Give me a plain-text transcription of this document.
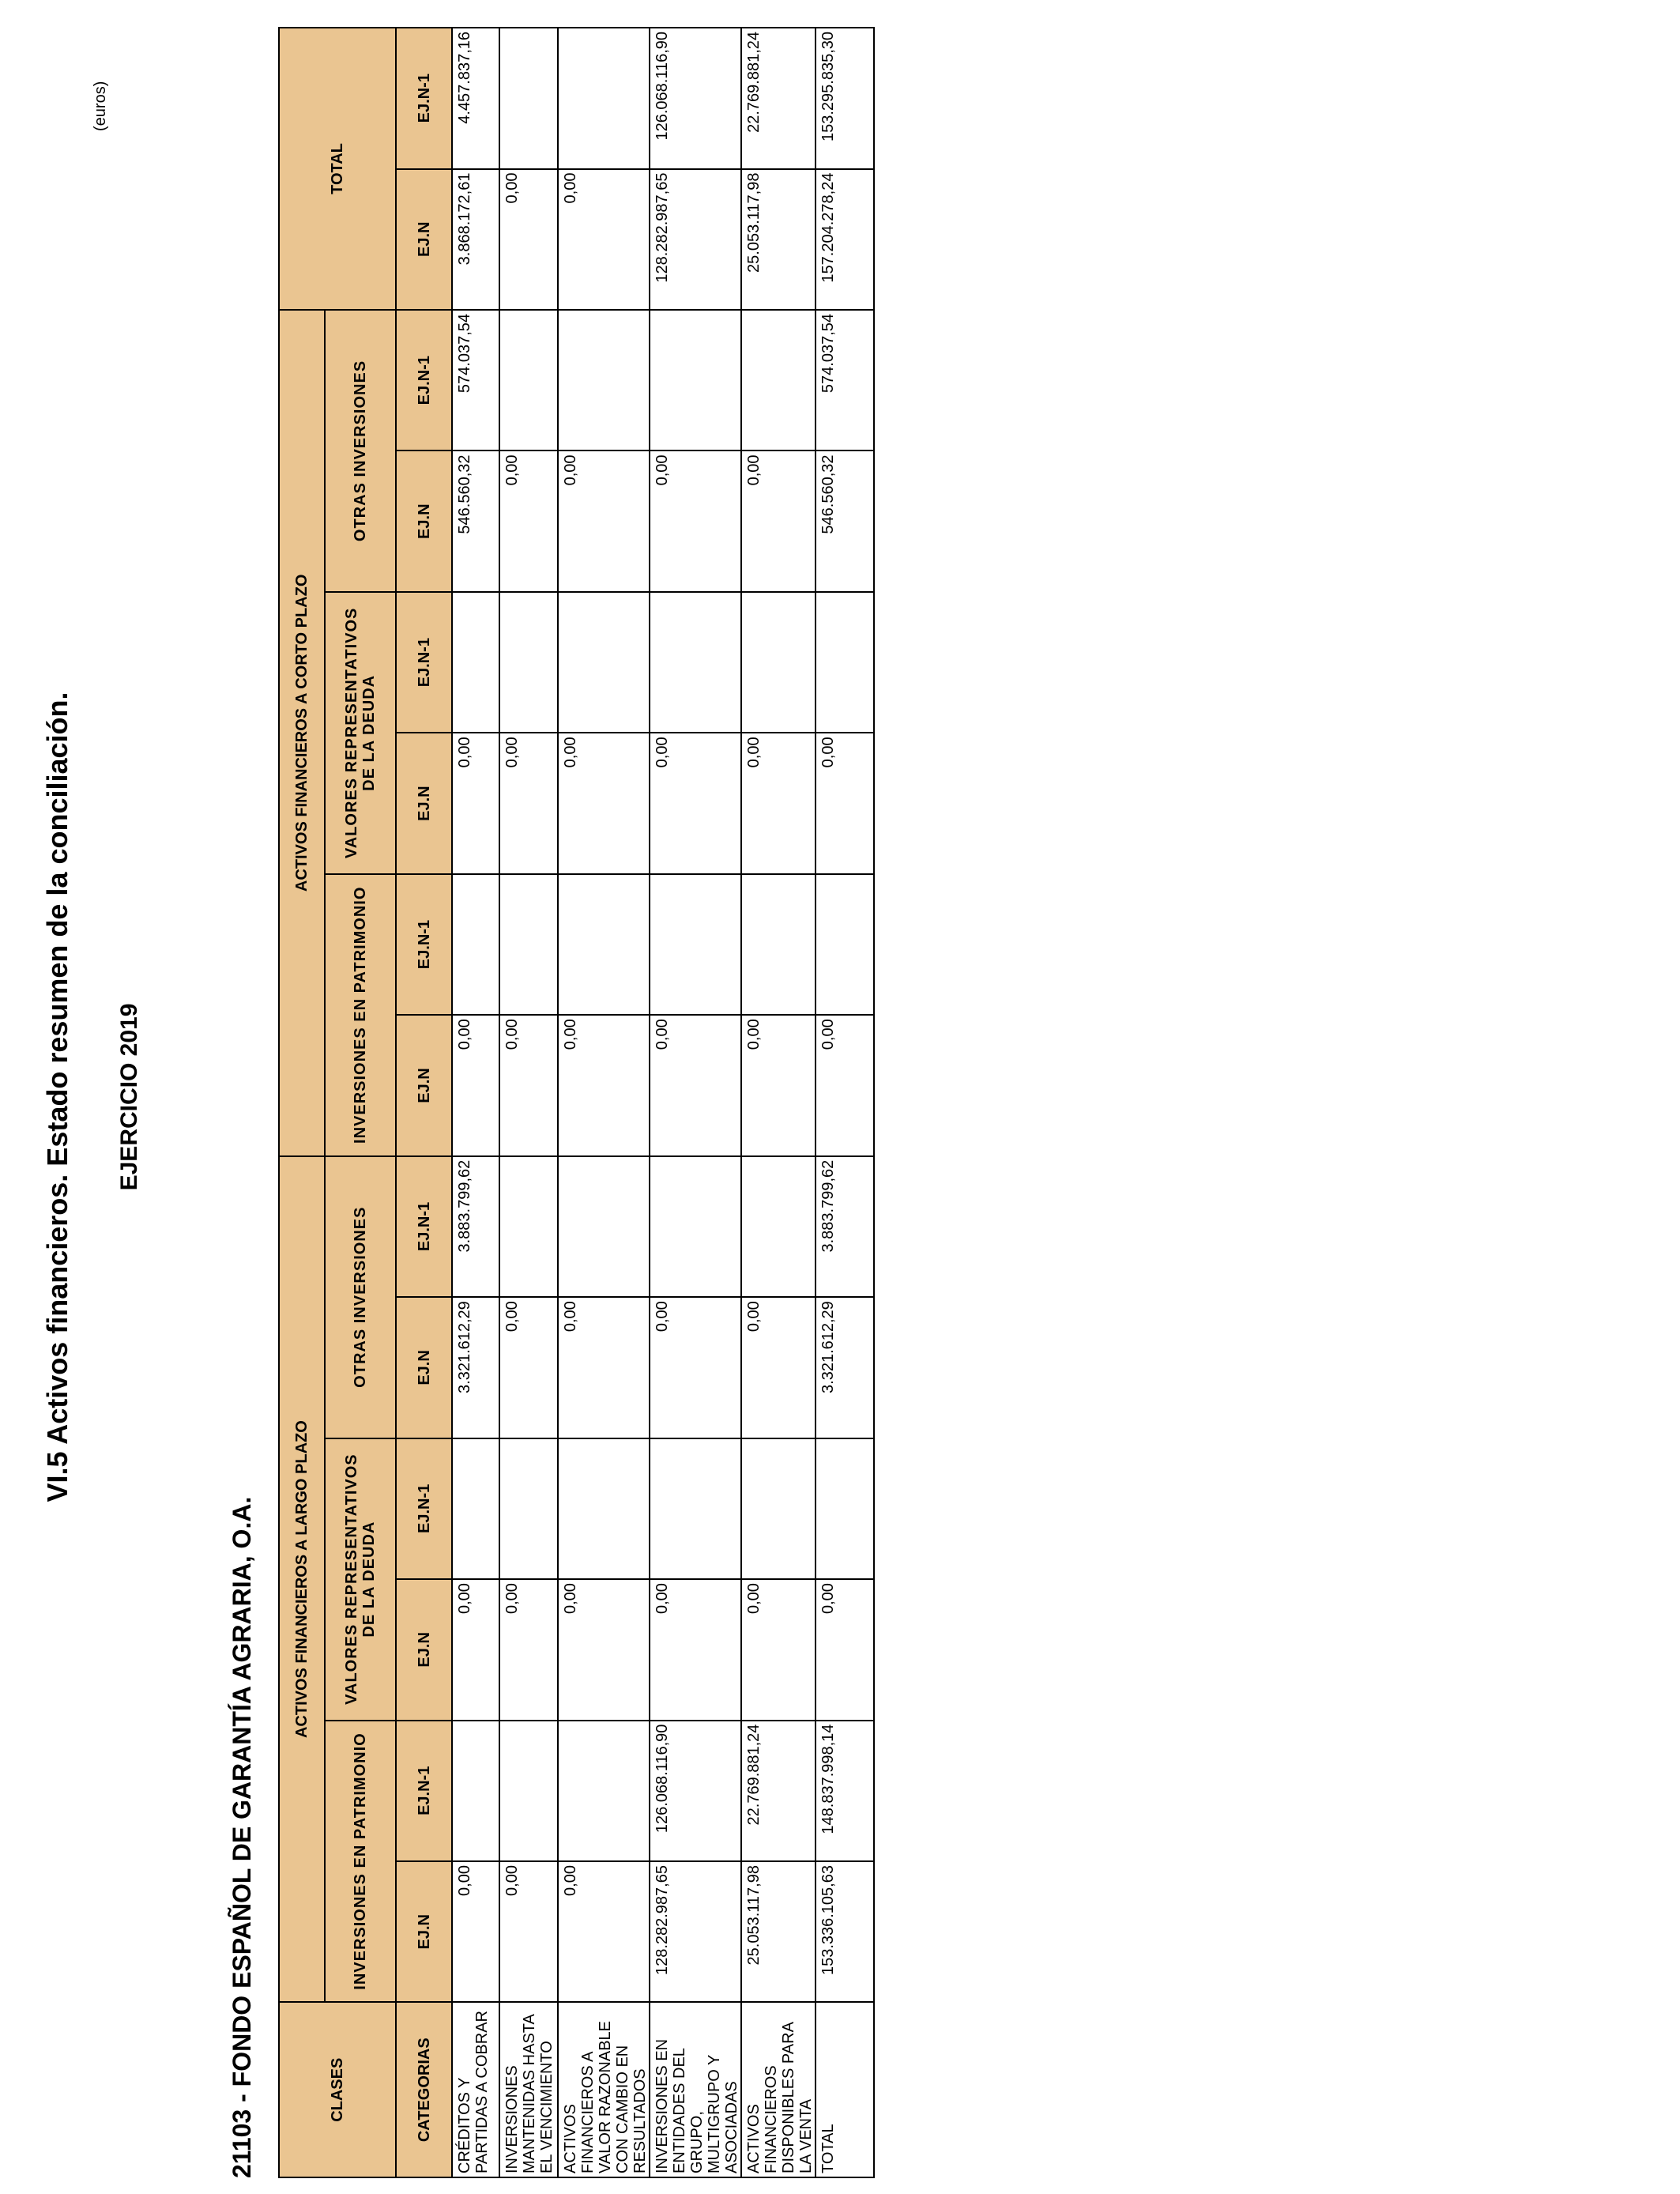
VI.5 Activos financieros. Estado resumen de la conciliación. EJERCICIO 2019
21103 - FONDO ESPAÑOL DE GARANTÍA AGRARIA, O.A.
(euros)
CLASES	ACTIVOS FINANCIEROS A LARGO PLAZO						ACTIVOS FINANCIEROS A CORTO PLAZO						TOTAL	
	INVERSIONES EN PATRIMONIO		VALORES REPRESENTATIVOS DE LA DEUDA		OTRAS INVERSIONES		INVERSIONES EN PATRIMONIO		VALORES REPRESENTATIVOS DE LA DEUDA		OTRAS INVERSIONES			
CATEGORIAS	EJ.N	EJ.N-1	EJ.N	EJ.N-1	EJ.N	EJ.N-1	EJ.N	EJ.N-1	EJ.N	EJ.N-1	EJ.N	EJ.N-1	EJ.N	EJ.N-1
CRÉDITOS Y PARTIDAS A COBRAR	0,00		0,00		3.321.612,29	3.883.799,62	0,00		0,00		546.560,32	574.037,54	3.868.172,61	4.457.837,16
INVERSIONES MANTENIDAS HASTA EL VENCIMIENTO	0,00		0,00		0,00		0,00		0,00		0,00		0,00	
ACTIVOS FINANCIEROS A VALOR RAZONABLE CON CAMBIO EN RESULTADOS	0,00		0,00		0,00		0,00		0,00		0,00		0,00	
INVERSIONES EN ENTIDADES DEL GRUPO, MULTIGRUPO Y ASOCIADAS	128.282.987,65	126.068.116,90	0,00		0,00		0,00		0,00		0,00		128.282.987,65	126.068.116,90
ACTIVOS FINANCIEROS DISPONIBLES PARA LA VENTA	25.053.117,98	22.769.881,24	0,00		0,00		0,00		0,00		0,00		25.053.117,98	22.769.881,24
TOTAL	153.336.105,63	148.837.998,14	0,00		3.321.612,29	3.883.799,62	0,00		0,00		546.560,32	574.037,54	157.204.278,24	153.295.835,30
